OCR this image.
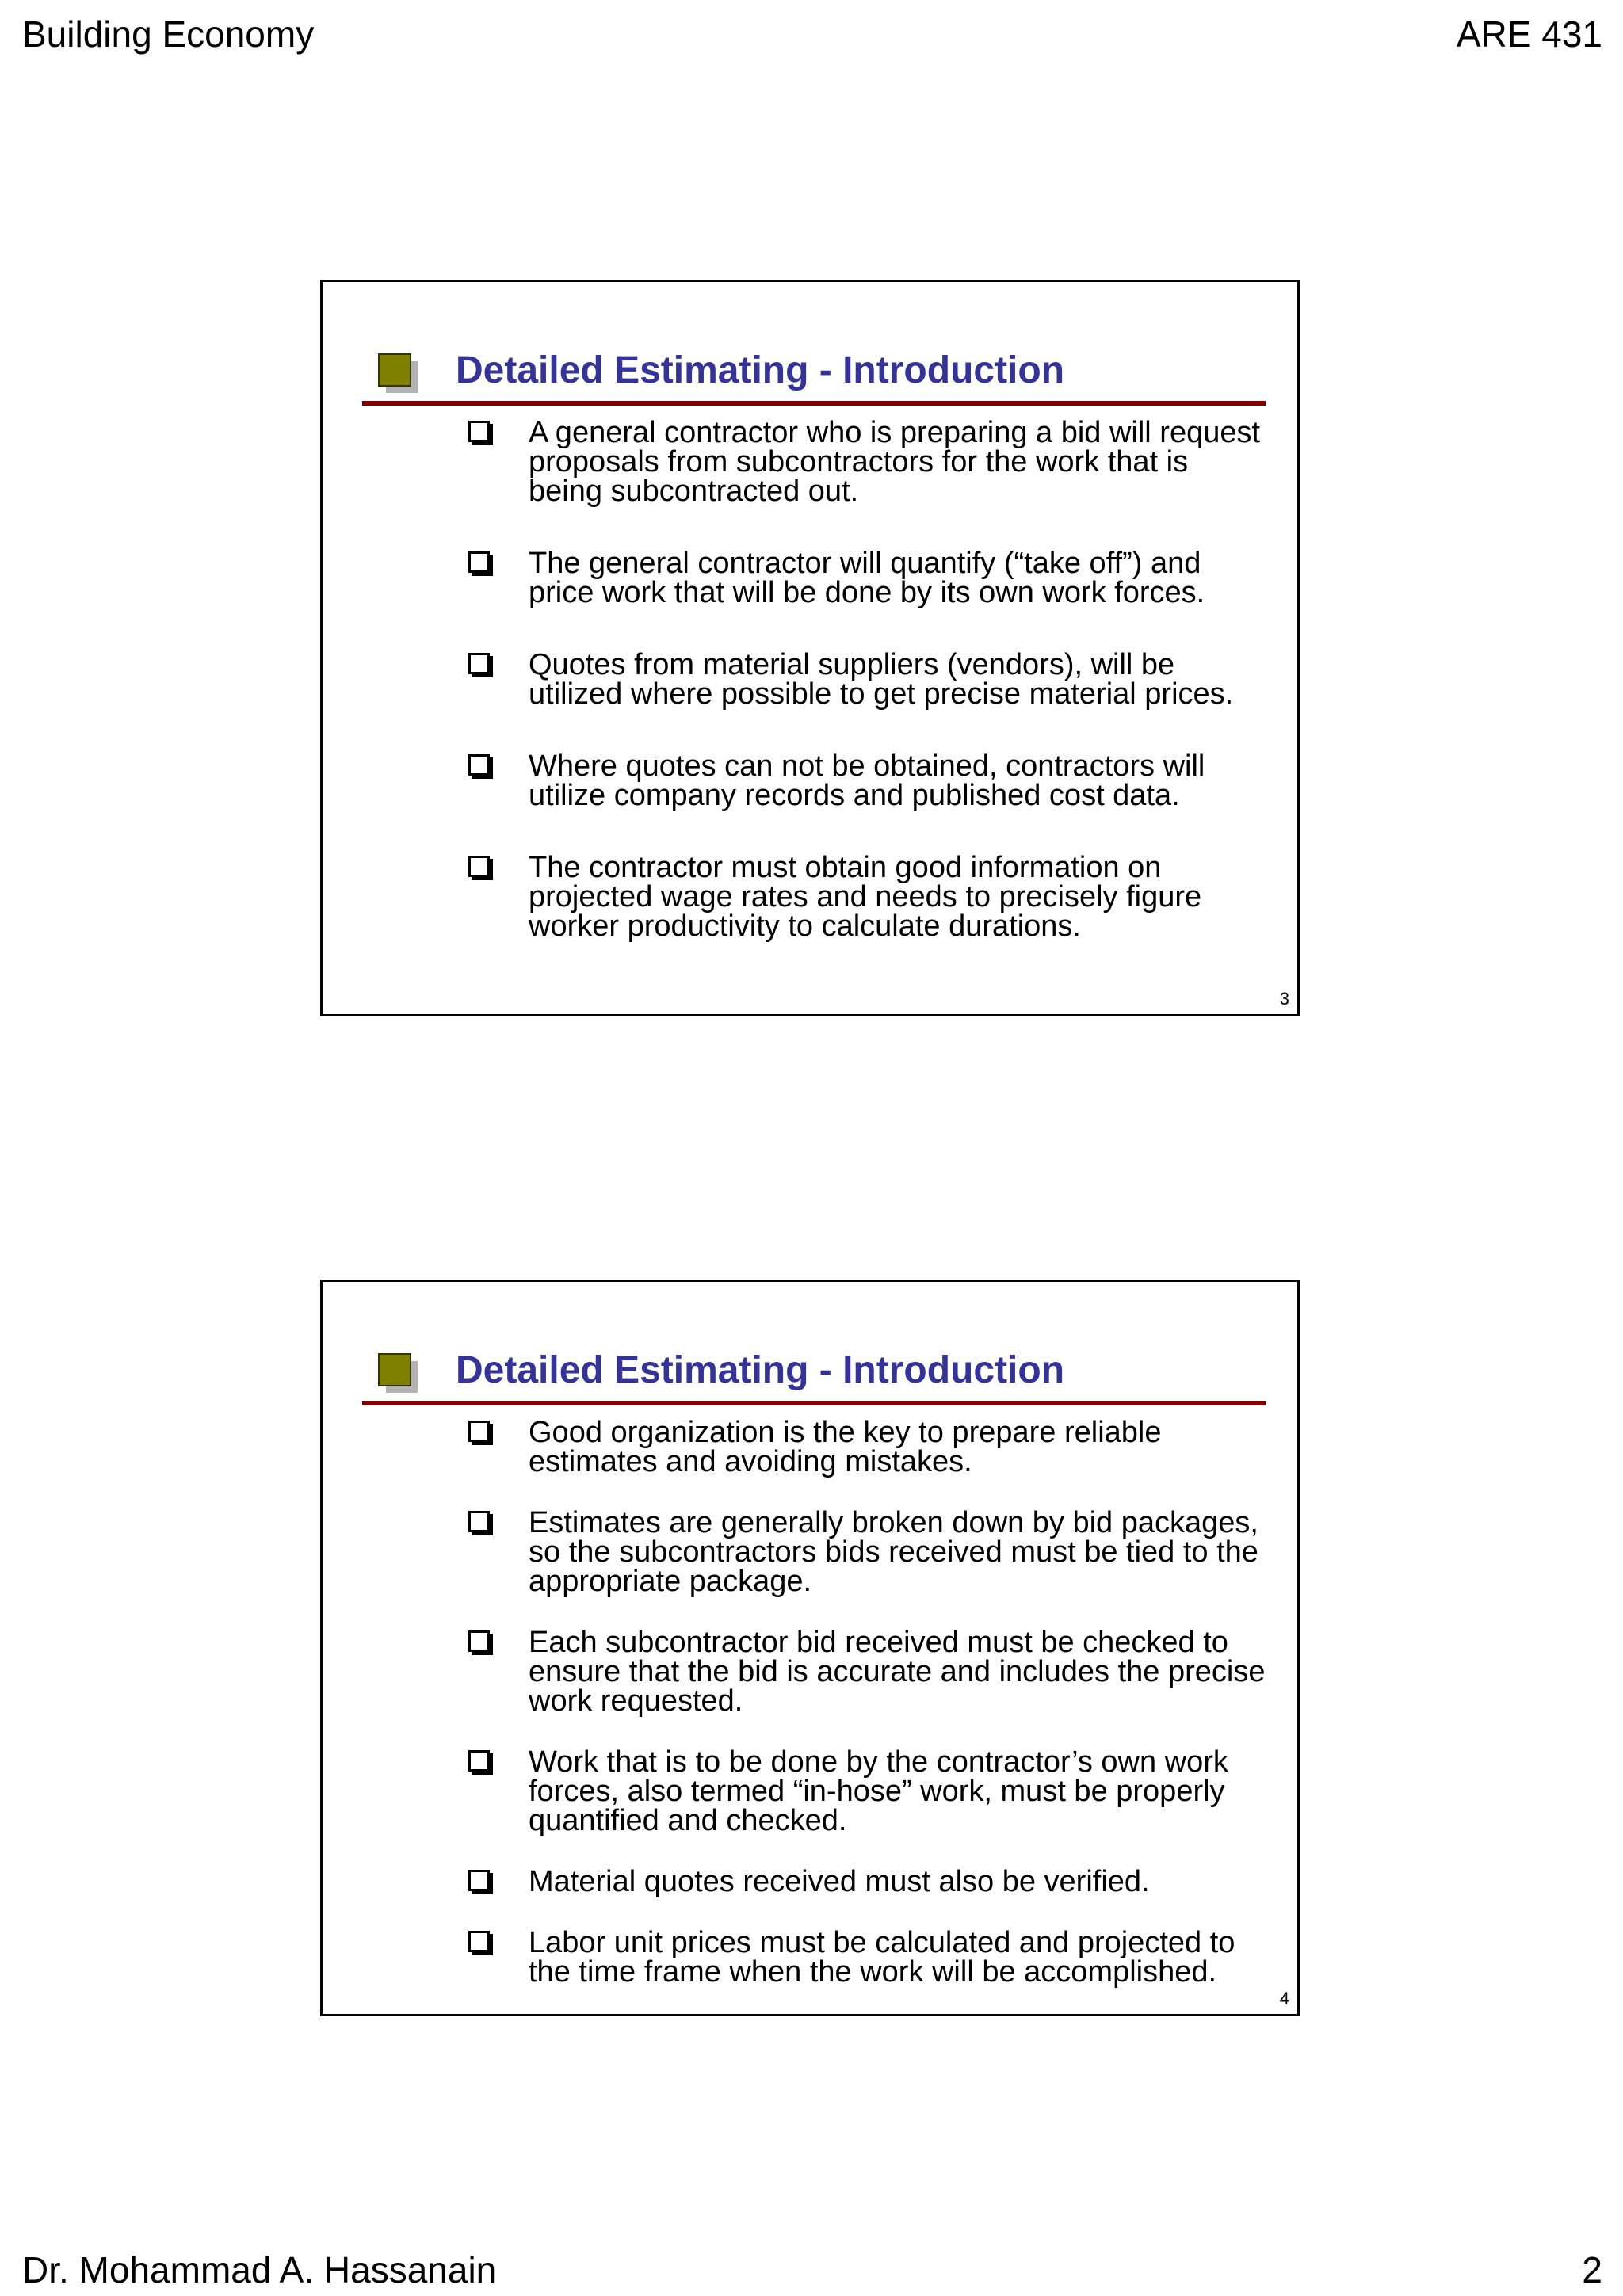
Building Economy	ARE 431
Detailed Estimating - Introduction
A general contractor who is preparing a bid will request proposals from subcontractors for the work that is being subcontracted out.
The general contractor will quantify (“take off”) and price work that will be done by its own work forces.
Quotes from material suppliers (vendors), will be utilized where possible to get precise material prices.
Where quotes can not be obtained, contractors will utilize company records and published cost data.
The contractor must obtain good information on projected wage rates and needs to precisely figure worker productivity to calculate durations.
3
Detailed Estimating - Introduction
Good organization is the key to prepare reliable estimates and avoiding mistakes.
Estimates are generally broken down by bid packages, so the subcontractors bids received must be tied to the appropriate package.
Each subcontractor bid received must be checked to ensure that the bid is accurate and includes the precise work requested.
Work that is to be done by the contractor’s own work forces, also termed “in-hose” work, must be properly quantified and checked.
Material quotes received must also be verified.
Labor unit prices must be calculated and projected to the time frame when the work will be accomplished.
4
Dr. Mohammad A. Hassanain	2
